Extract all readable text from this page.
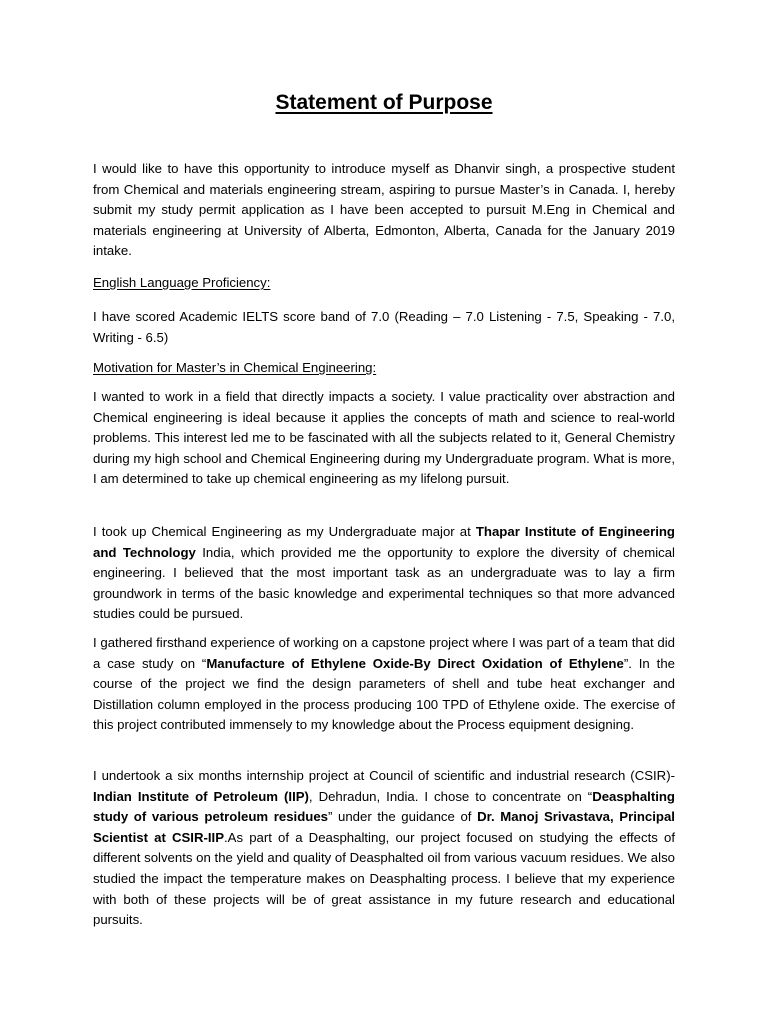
Statement of Purpose

I would like to have this opportunity to introduce myself as Dhanvir singh, a prospective student from Chemical and materials engineering stream, aspiring to pursue Master’s in Canada. I, hereby submit my study permit application as I have been accepted to pursuit M.Eng in Chemical and materials engineering at University of Alberta, Edmonton, Alberta, Canada for the January 2019 intake.

English Language Proficiency:

I have scored Academic IELTS score band of 7.0 (Reading – 7.0 Listening - 7.5, Speaking - 7.0, Writing - 6.5)

Motivation for Master’s in Chemical Engineering:

I wanted to work in a field that directly impacts a society. I value practicality over abstraction and Chemical engineering is ideal because it applies the concepts of math and science to real-world problems. This interest led me to be fascinated with all the subjects related to it, General Chemistry during my high school and Chemical Engineering during my Undergraduate program. What is more, I am determined to take up chemical engineering as my lifelong pursuit.

I took up Chemical Engineering as my Undergraduate major at Thapar Institute of Engineering and Technology India, which provided me the opportunity to explore the diversity of chemical engineering. I believed that the most important task as an undergraduate was to lay a firm groundwork in terms of the basic knowledge and experimental techniques so that more advanced studies could be pursued.

I gathered firsthand experience of working on a capstone project where I was part of a team that did a case study on “Manufacture of Ethylene Oxide-By Direct Oxidation of Ethylene”. In the course of the project we find the design parameters of shell and tube heat exchanger and Distillation column employed in the process producing 100 TPD of Ethylene oxide. The exercise of this project contributed immensely to my knowledge about the Process equipment designing.

I undertook a six months internship project at Council of scientific and industrial research (CSIR)-Indian Institute of Petroleum (IIP), Dehradun, India. I chose to concentrate on “Deasphalting study of various petroleum residues” under the guidance of Dr. Manoj Srivastava, Principal Scientist at CSIR-IIP.As part of a Deasphalting, our project focused on studying the effects of different solvents on the yield and quality of Deasphalted oil from various vacuum residues. We also studied the impact the temperature makes on Deasphalting process. I believe that my experience with both of these projects will be of great assistance in my future research and educational pursuits.
